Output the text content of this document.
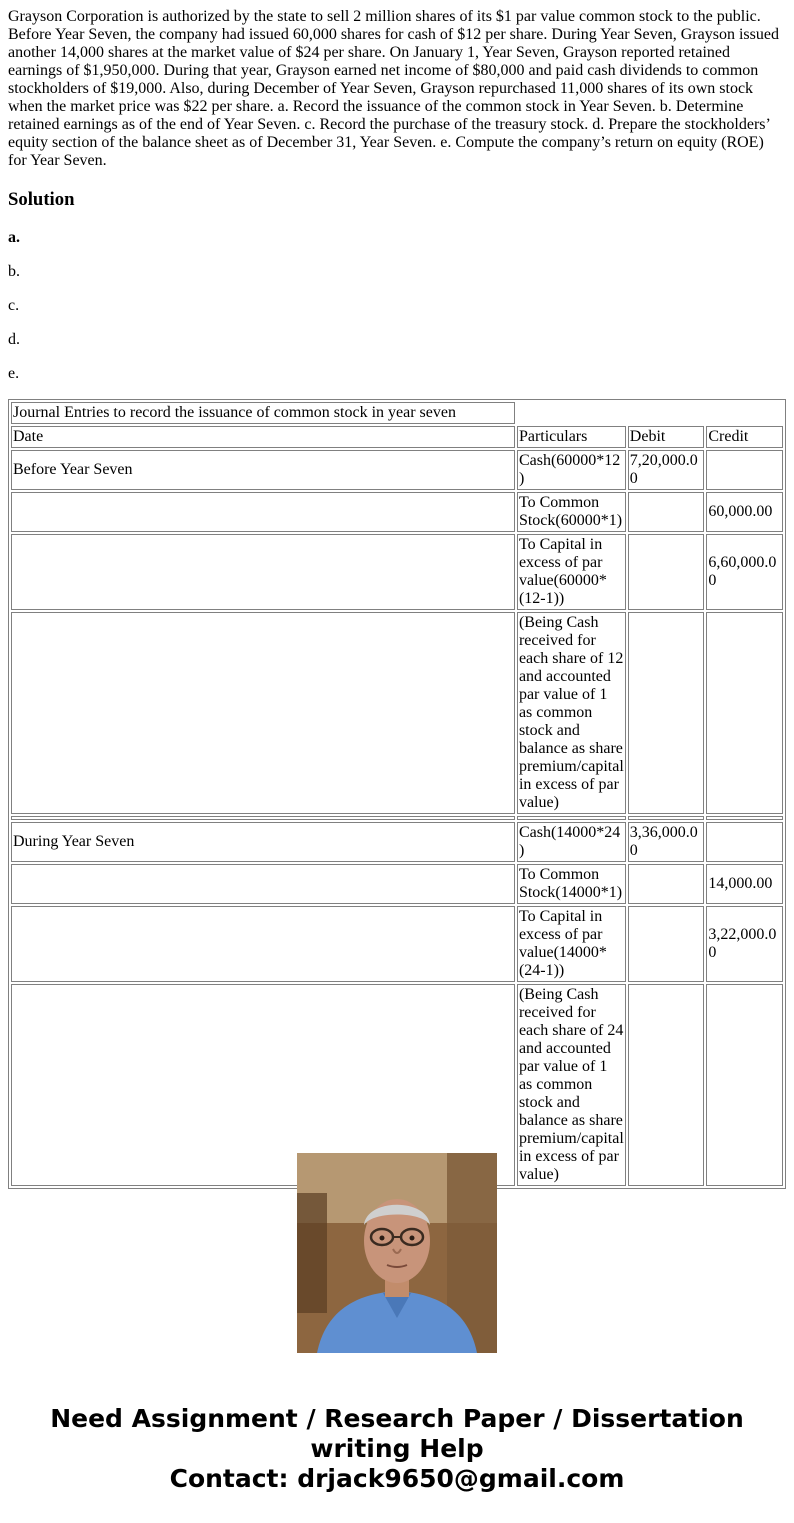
Grayson Corporation is authorized by the state to sell 2 million shares of its $1 par value common stock to the public. Before Year Seven, the company had issued 60,000 shares for cash of $12 per share. During Year Seven, Grayson issued another 14,000 shares at the market value of $24 per share. On January 1, Year Seven, Grayson reported retained earnings of $1,950,000. During that year, Grayson earned net income of $80,000 and paid cash dividends to common stockholders of $19,000. Also, during December of Year Seven, Grayson repurchased 11,000 shares of its own stock when the market price was $22 per share. a. Record the issuance of the common stock in Year Seven. b. Determine retained earnings as of the end of Year Seven. c. Record the purchase of the treasury stock. d. Prepare the stockholders’ equity section of the balance sheet as of December 31, Year Seven. e. Compute the company’s return on equity (ROE) for Year Seven.

Solution

a.

b.

c.

d.

e.

Journal Entries to record the issuance of common stock in year seven			
Date	Particulars	Debit	Credit
Before Year Seven	Cash(60000*12)	7,20,000.00	
	To Common Stock(60000*1)		60,000.00
	To Capital in excess of par value(60000*(12-1))		6,60,000.00
	(Being Cash received for each share of 12 and accounted par value of 1 as common stock and balance as share premium/capital in excess of par value)		

During Year Seven	Cash(14000*24)	3,36,000.00	
	To Common Stock(14000*1)		14,000.00
	To Capital in excess of par value(14000*(24-1))		3,22,000.00
	(Being Cash received for each share of 24 and accounted par value of 1 as common stock and balance as share premium/capital in excess of par value)		
Need Assignment / Research Paper / Dissertation
writing Help
Contact: drjack9650@gmail.com
